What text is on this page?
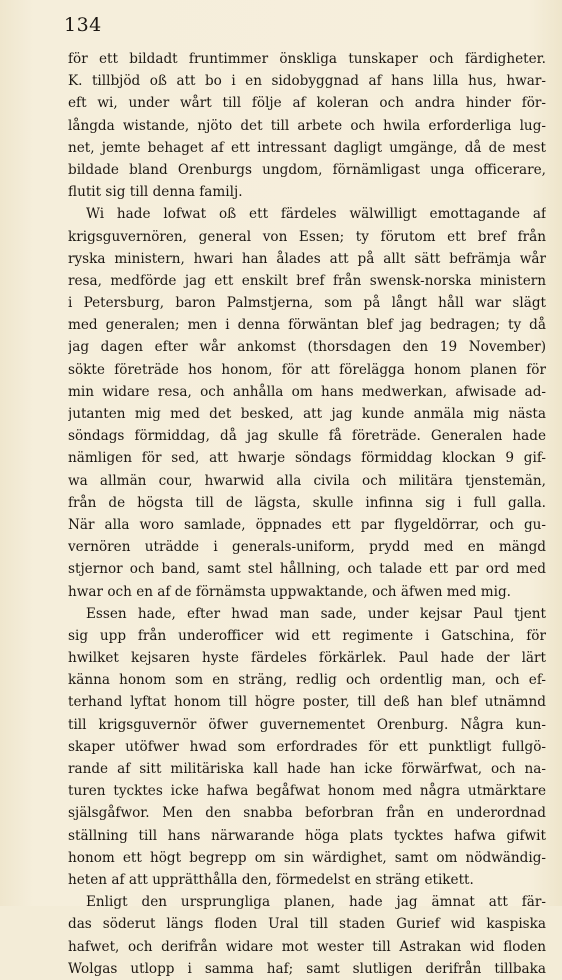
134
för ett bildadt fruntimmer önskliga tunskaper och färdigheter.
K. tillbjöd oß att bo i en sidobyggnad af hans lilla hus, hwar-
eft wi, under wårt till följe af koleran och andra hinder för-
långda wistande, njöto det till arbete och hwila erforderliga lug-
net, jemte behaget af ett intressant dagligt umgänge, då de mest
bildade bland Orenburgs ungdom, förnämligast unga officerare,
flutit sig till denna familj.
Wi hade lofwat oß ett färdeles wälwilligt emottagande af
krigsguvernören, general von Essen; ty förutom ett bref från
ryska ministern, hwari han ålades att på allt sätt befrämja wår
resa, medförde jag ett enskilt bref från swensk-norska ministern
i Petersburg, baron Palmstjerna, som på långt håll war slägt
med generalen; men i denna förwäntan blef jag bedragen; ty då
jag dagen efter wår ankomst (thorsdagen den 19 November)
sökte företräde hos honom, för att förelägga honom planen för
min widare resa, och anhålla om hans medwerkan, afwisade ad-
jutanten mig med det besked, att jag kunde anmäla mig nästa
söndags förmiddag, då jag skulle få företräde. Generalen hade
nämligen för sed, att hwarje söndags förmiddag klockan 9 gif-
wa allmän cour, hwarwid alla civila och militära tjenstemän,
från de högsta till de lägsta, skulle infinna sig i full galla.
När alla woro samlade, öppnades ett par flygeldörrar, och gu-
vernören uträdde i generals-uniform, prydd med en mängd
stjernor och band, samt stel hållning, och talade ett par ord med
hwar och en af de förnämsta uppwaktande, och äfwen med mig.
Essen hade, efter hwad man sade, under kejsar Paul tjent
sig upp från underofficer wid ett regimente i Gatschina, för
hwilket kejsaren hyste färdeles förkärlek. Paul hade der lärt
känna honom som en sträng, redlig och ordentlig man, och ef-
terhand lyftat honom till högre poster, till deß han blef utnämnd
till krigsguvernör öfwer guvernementet Orenburg. Några kun-
skaper utöfwer hwad som erfordrades för ett punktligt fullgö-
rande af sitt militäriska kall hade han icke förwärfwat, och na-
turen tycktes icke hafwa begåfwat honom med några utmärktare
själsgåfwor. Men den snabba beforbran från en underordnad
ställning till hans närwarande höga plats tycktes hafwa gifwit
honom ett högt begrepp om sin wärdighet, samt om nödwändig-
heten af att upprätthålla den, förmedelst en sträng etikett.
Enligt den ursprungliga planen, hade jag ämnat att fär-
das söderut längs floden Ural till staden Gurief wid kaspiska
hafwet, och derifrån widare mot wester till Astrakan wid floden
Wolgas utlopp i samma haf; samt slutligen derifrån tillbaka
